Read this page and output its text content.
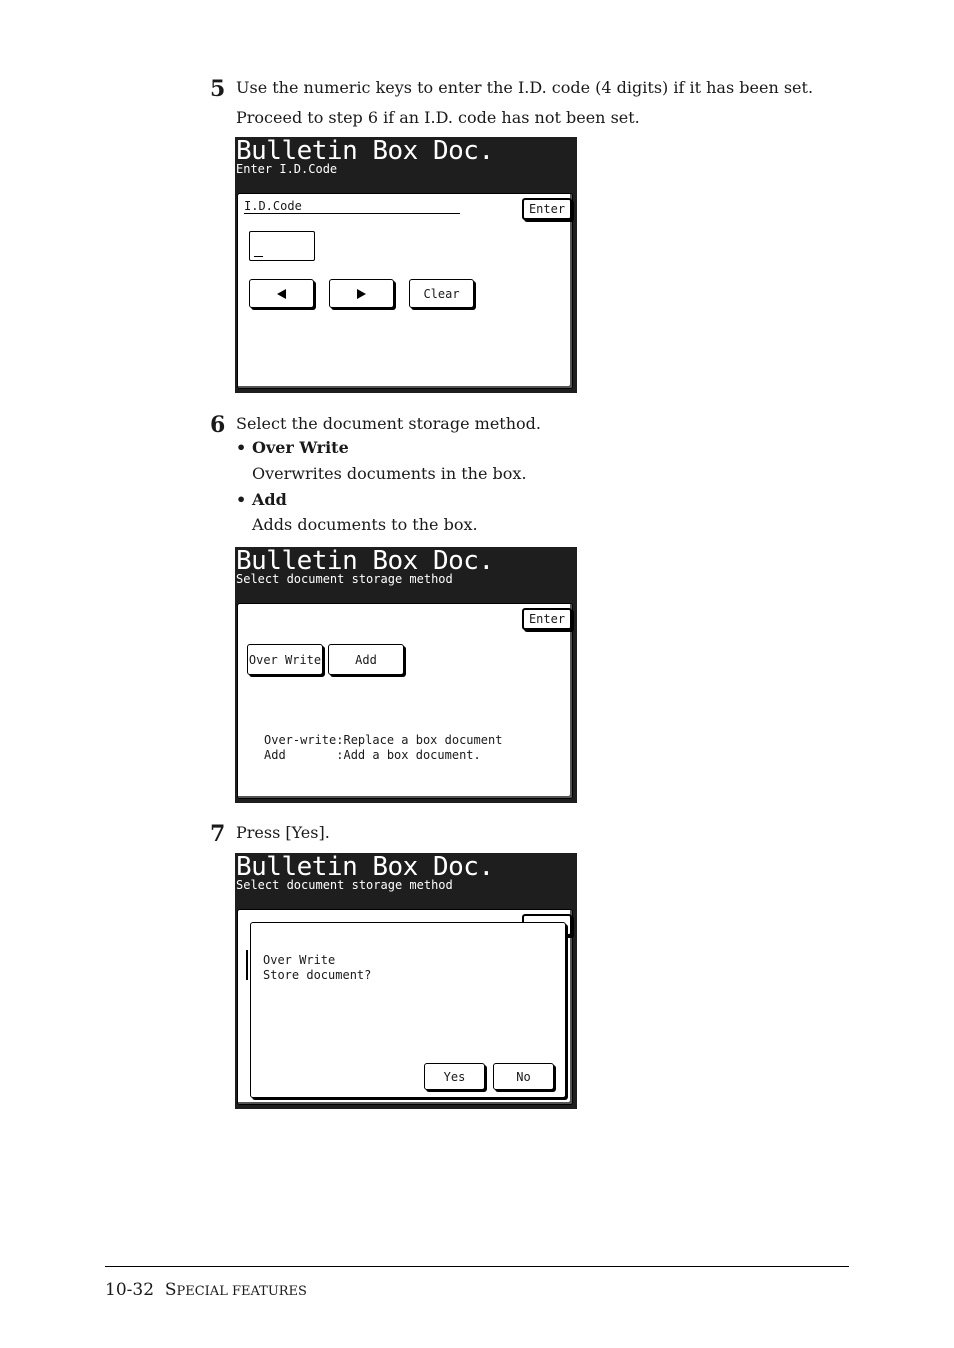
5 Use the numeric keys to enter the I.D. code (4 digits) if it has been set.
Proceed to step 6 if an I.D. code has not been set.
Bulletin Box Doc.
Enter I.D.Code
I.D.Code	Enter
Clear
6 Select the document storage method.
• Over Write
Overwrites documents in the box.
• Add
Adds documents to the box.
Bulletin Box Doc.
Select document storage method
Enter
Over Write	Add
Over-write:Replace a box document
Add       :Add a box document.
7 Press [Yes].
Bulletin Box Doc.
Select document storage method
Over Write
Store document?
Yes	No
10-32 SPECIAL FEATURES
